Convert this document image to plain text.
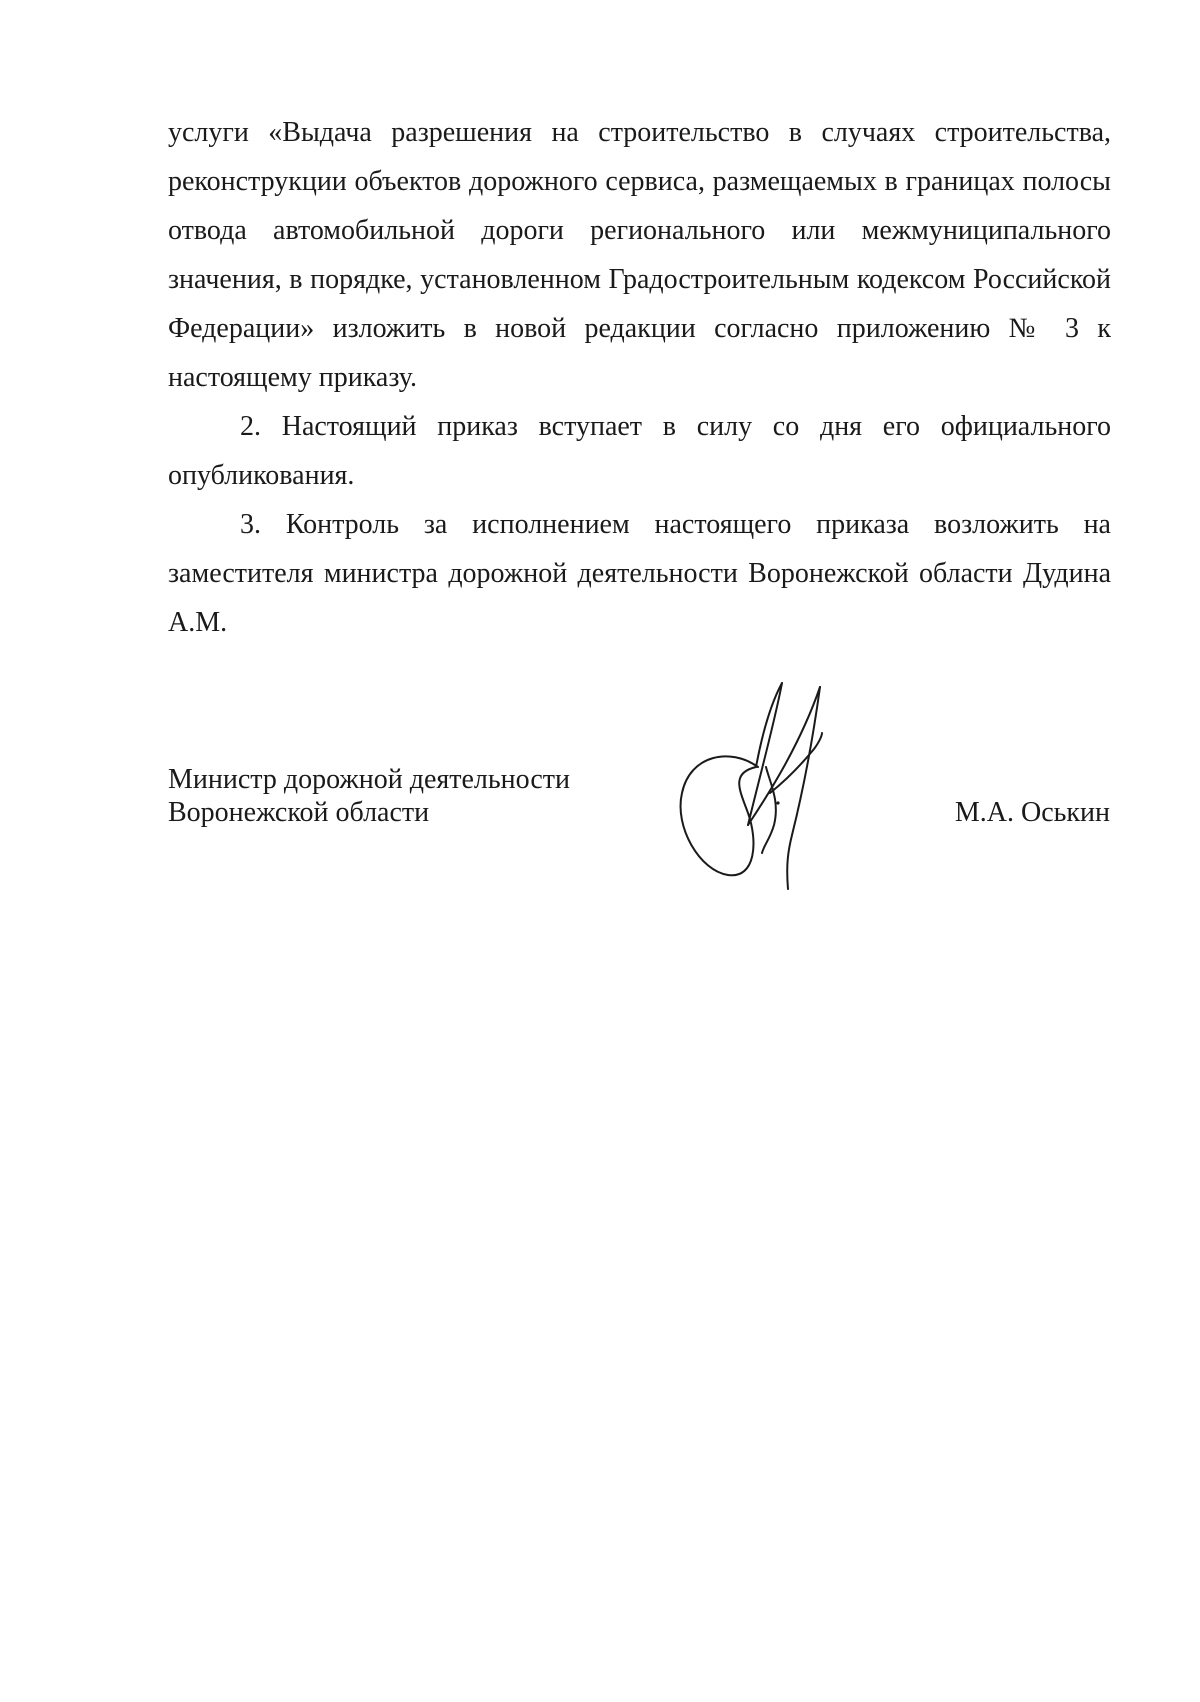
услуги «Выдача разрешения на строительство в случаях строительства, реконструкции объектов дорожного сервиса, размещаемых в границах полосы отвода автомобильной дороги регионального или межмуниципального значения, в порядке, установленном Градостроительным кодексом Российской Федерации» изложить в новой редакции согласно приложению № 3 к настоящему приказу.

2. Настоящий приказ вступает в силу со дня его официального опубликования.

3. Контроль за исполнением настоящего приказа возложить на заместителя министра дорожной деятельности Воронежской области Дудина А.М.

Министр дорожной деятельности
Воронежской области	М.А. Оськин
